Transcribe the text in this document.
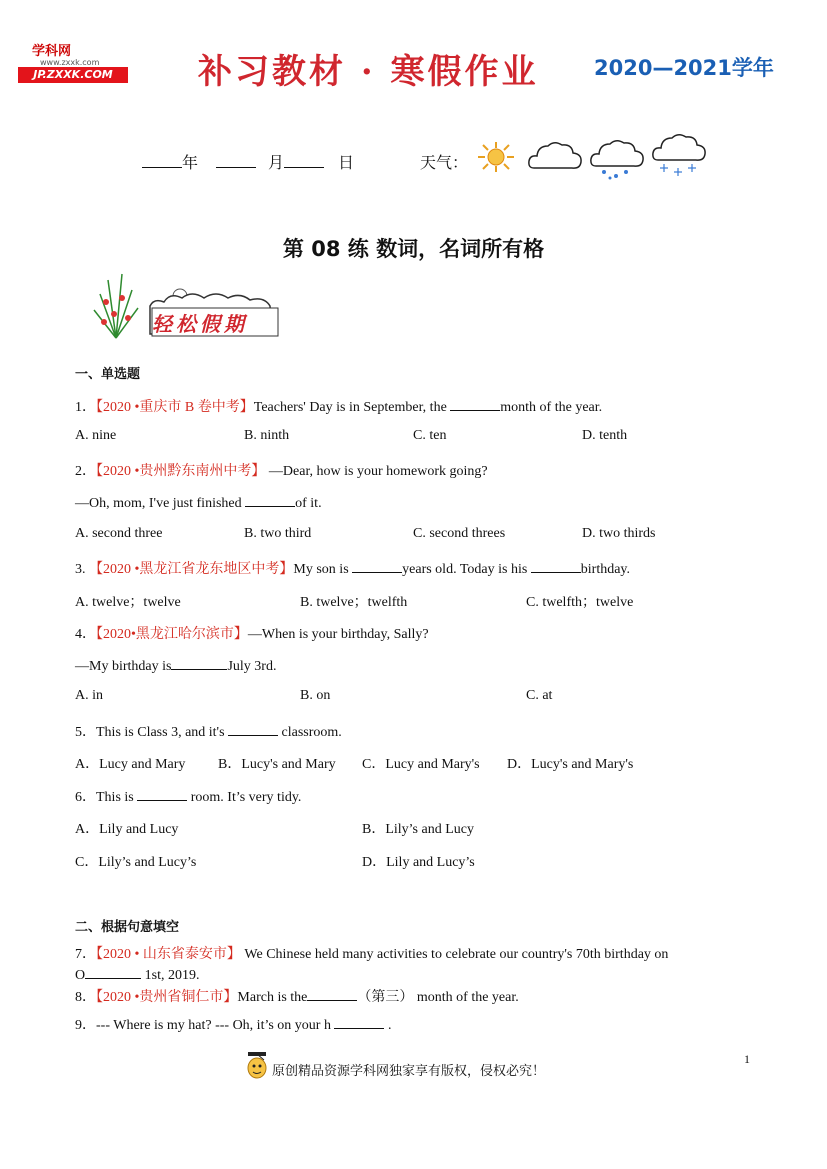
学科网
www.zxxk.com
JP.ZXXK.COM	补习教材 · 寒假作业	2020—2021学年
年	月	日	天气：
第 08 练 数词，名词所有格
轻松假期
一、单选题
1．【2020 •重庆市 B 卷中考】Teachers' Day is in September, the	month of the year.
A. nine	B. ninth	C. ten	D. tenth
2．【2020 •贵州黔东南州中考】 —Dear, how is your homework going?
—Oh, mom, I've just finished	of it.
A. second three	B. two third	C. second threes	D. two thirds
3. 【2020 •黑龙江省龙东地区中考】My son is	years old. Today is his	birthday.
A. twelve；twelve	B. twelve；twelfth	C. twelfth；twelve
4．【2020•黑龙江哈尔滨市】—When is your birthday, Sally?
—My birthday is	July 3rd.
A. in	B. on	C. at
5．This is Class 3, and it's	classroom.
A．Lucy and Mary B．Lucy's and Mary C．Lucy and Mary's D．Lucy's and Mary's
6．This is	room. It’s very tidy.
A．Lily and Lucy	B．Lily’s and Lucy
C．Lily’s and Lucy’s	D．Lily and Lucy’s
二、根据句意填空
7．【2020 • 山东省泰安市】 We Chinese held many activities to celebrate our country's 70th birthday on
O	1st, 2019.
8．【2020 •贵州省铜仁市】March is the	（第三） month of the year.
9．--- Where is my hat? --- Oh, it’s on your h	.
原创精品资源学科网独家享有版权，侵权必究！
1
